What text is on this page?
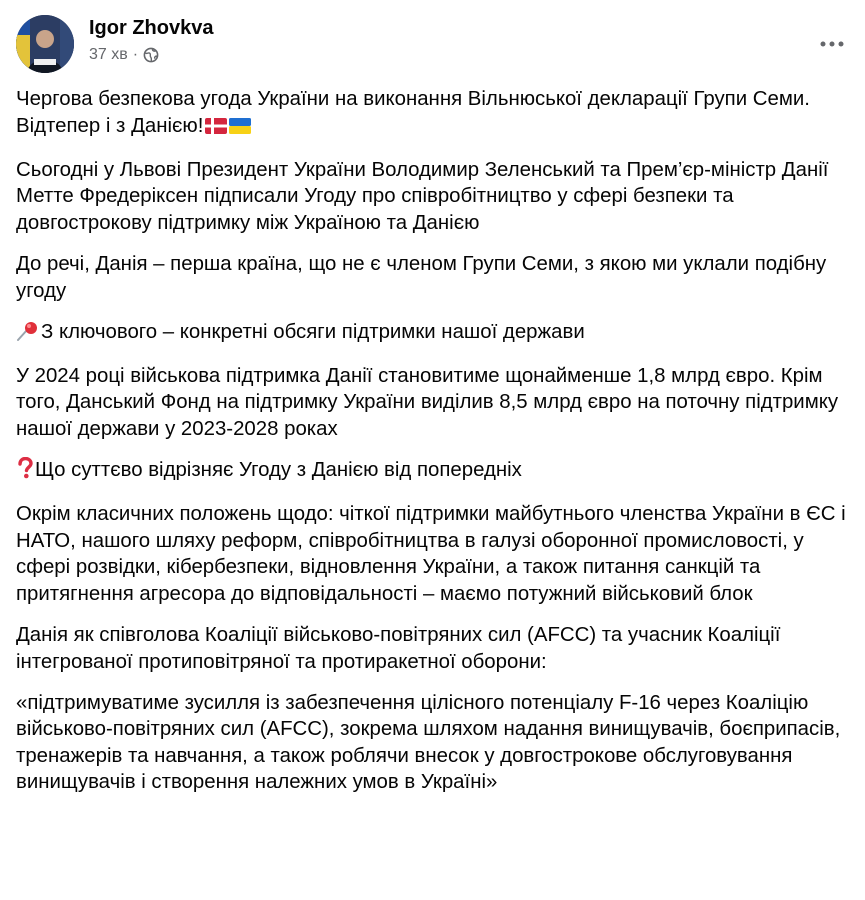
Igor Zhovkva
37 хв ·

Чергова безпекова угода України на виконання Вільнюської декларації Групи Семи. Відтепер і з Данією!

Сьогодні у Львові Президент України Володимир Зеленський та Прем’єр-міністр Данії Метте Фредеріксен підписали Угоду про співробітництво у сфері безпеки та довгострокову підтримку між Україною та Данією

До речі, Данія – перша країна, що не є членом Групи Семи, з якою ми уклали подібну угоду

З ключового – конкретні обсяги підтримки нашої держави

У 2024 році військова підтримка Данії становитиме щонайменше 1,8 млрд євро. Крім того, Данський Фонд на підтримку України виділив 8,5 млрд євро на поточну підтримку нашої держави у 2023-2028 роках

Що суттєво відрізняє Угоду з Данією від попередніх

Окрім класичних положень щодо: чіткої підтримки майбутнього членства України в ЄС і НАТО, нашого шляху реформ, співробітництва в галузі оборонної промисловості, у сфері розвідки, кібербезпеки, відновлення України, а також питання санкцій та притягнення агресора до відповідальності – маємо потужний військовий блок

Данія як співголова Коаліції військово-повітряних сил (AFCC) та учасник Коаліції інтегрованої протиповітряної та протиракетної оборони:

«підтримуватиме зусилля із забезпечення цілісного потенціалу F-16 через Коаліцію військово-повітряних сил (AFCC), зокрема шляхом надання винищувачів, боєприпасів, тренажерів та навчання, а також роблячи внесок у довгострокове обслуговування винищувачів і створення належних умов в Україні»
